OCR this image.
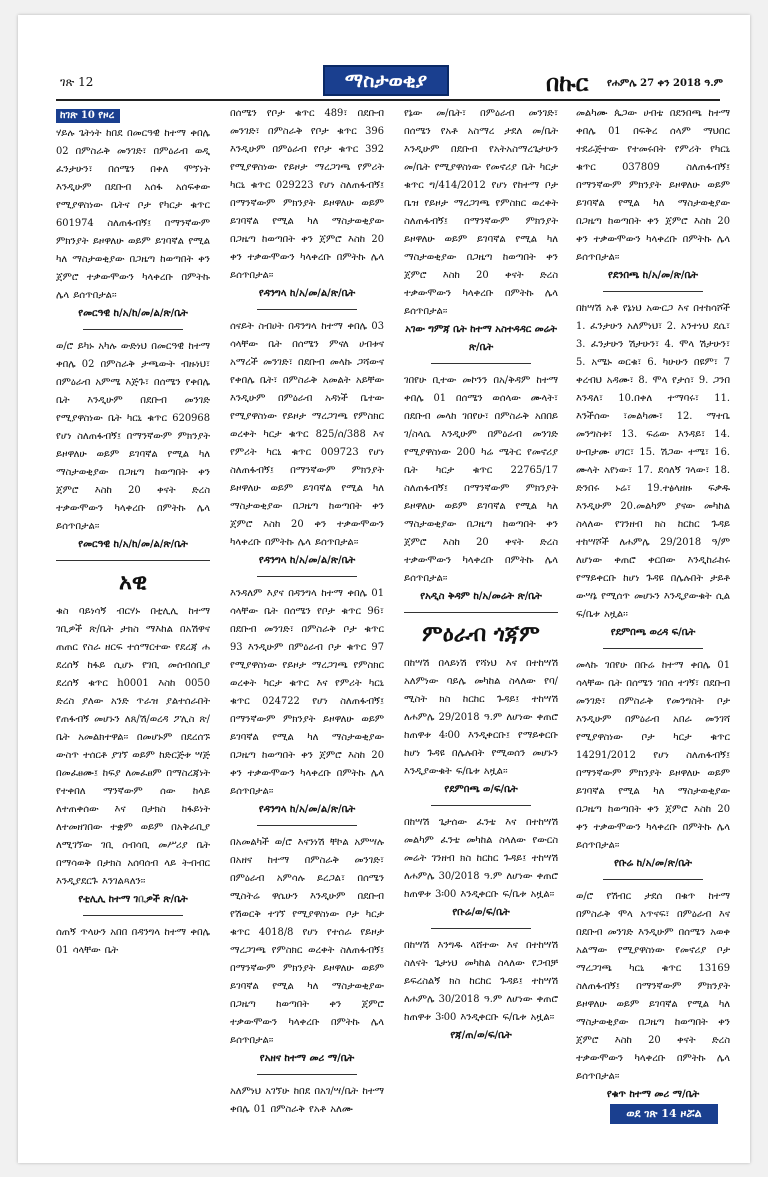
ገጽ 12	ማስታወቂያ	በኩር የሐምሌ 27 ቀን 2018 ዓ.ም
ከገጽ 10 የዞረ
ሃይሉ ጌትነት ከበደ በመርዓዊ ከተማ ቀበሌ 02 በምስራቅ መንገድ፣ በምዕራብ ወዲ ፈንታሁን፣ በሰሜን በቀለ ሞኘነት እንዲሁም በደቡብ አሰፋ አሰፍቀው የሚያዋስነው ቤትና ቦታ የካርታ ቁጥር 601974 ስለጠፋብኝ፤ በማንኛውም ምክንያት ይዞዋለሁ ወይም ይገባኛል የሚል ካለ ማስታወቂያው በጋዜጣ ከወጣበት ቀን ጀምሮ ተቃውሞውን ካላቀረቡ በምትኩ ሌላ ይሰጥበታል፡፡
የመርዓዊ ከ/አ/ከ/መ/ል/ጽ/ቤት
ወ/ሮ ይካኑ አካሉ ውድነህ በመርዓዊ ከተማ ቀበሌ 02 በምስራቅ ታጫውት ብዙነህ፣ በምዕራብ አምሜ እጅጉ፣ በሰሜን የቀበሌ ቤት እንዲሁም በደቡብ መንገድ የሚያዋስነው ቤት ካርኒ ቁጥር 620968 የሆነ ስለጠፋብኝ፤ በማንኛውም ምክንያት ይዞዋለሁ ወይም ይገባኛል የሚል ካለ ማስታወቂያው በጋዜጣ ከወጣበት ቀን ጀምሮ እስከ 20 ቀናት ድረስ ተቃውሞውን ካላቀረቡ በምትኩ ሌላ ይሰጥበታል፡፡
የመርዓዊ ከ/አ/ከ/መ/ል/ጽ/ቤት
አዊ
ቁስ ባይነሳኝ ብርሃኑ በቲሊሊ ከተማ ገቢዎች ጽ/ቤት ታክስ ማእከል በአሽዋና ጠጠር የስራ ዘርፍ ተሰማርተው የደረጃ ሐ ደረሰኝ ከፋይ ሲሆኑ የገቢ መሰብሰቢያ ደረሰኝ ቁጥር h0001 እስከ 0050 ድረስ ያለው አንድ ጥራዝ ያልተሰራበት የጠፋብኝ መሆኑን ለጸ/ሽ/ወረዳ ፖሊስ ጽ/ቤት አመልክተዋል፡፡ በመሆኑም በደረሰኙ ውስጥ ተሰርቶ ያገኘ ወይም ከድርጅቱ ሣጅ በመፈፀሙ፤ ከፍያ ለመፈፀም በማስረጃነት የተቀበለ ማንኛውም ሰው ከላይ ለተጠቀሰው እና በታክስ ከፋይነት ለተመዘገበው ተቋም ወይም በአቅራቢያ ለሚገኘው ገቢ ሰብሳቢ መሥሪያ ቤት በማሳወቅ በታክስ አሰባሰብ ላይ ትብብር እንዲያደርጉ እንገልጻለን፡፡
የቲሊሊ ከተማ ገቢዎች ጽ/ቤት
ሰጠኝ ጥላሁን አበበ በዳንግላ ከተማ ቀበሌ 01 ሳላቸው ቤት
በሰሜን የቦታ ቁጥር 489፣ በደቡብ መንገድ፣ በምስራቅ የቦታ ቁጥር 396 እንዲሁም በምዕራብ የቦታ ቁጥር 392 የሚያዋስነው የይዞታ ማረጋገጫ የምሪት ካርኒ ቁጥር 029223 የሆነ ስለጠፋብኝ፤ በማንኛውም ምክንያት ይዞዋለሁ ወይም ይገባኛል የሚል ካለ ማስታወቂያው በጋዜጣ ከወጣበት ቀን ጀምሮ እስከ 20 ቀን ተቃውሞውን ካላቀረቡ በምትኩ ሌላ ይሰጥበታል፡፡
የዳንግላ ከ/አ/መ/ል/ጽ/ቤት
ሰናይት ስብሀት በዳንግላ ከተማ ቀበሌ 03 ሳላቸው ቤት በሰሜን ምናለ ሀብቱና አማረች መንገድ፣ በደቡብ መላኩ ጋሻውና የቀበሌ ቤት፣ በምስራቅ አመልት አይቸው እንዲሁም በምዕራብ አዳነች ቤተው የሚያዋስነው የይዞታ ማረጋገጫ የምስክር ወረቀት ካርታ ቁጥር 825/ሰ/388 እና የምሪት ካርኒ ቁጥር 009723 የሆነ ስለጠፋብኝ፤ በማንኛውም ምክንያት ይዞዋለሁ ወይም ይገባኛል የሚል ካለ ማስታወቂያው በጋዜጣ ከወጣበት ቀን ጀምሮ እስከ 20 ቀን ተቃውሞውን ካላቀረቡ በምትኩ ሌላ ይሰጥበታል፡፡
የዳንግላ ከ/አ/መ/ል/ጽ/ቤት
እንዳለም እያና በዳንግላ ከተማ ቀበሌ 01 ሳላቸው ቤት በሰሜን የቦታ ቁጥር 96፣ በደቡብ መንገድ፣ በምስራቅ ቦታ ቁጥር 93 እንዲሁም በምዕራብ ቦታ ቁጥር 97 የሚያዋስነው የይዞታ ማረጋገጫ የምስክር ወረቀት ካርታ ቁጥር እና የምሪት ካርኒ ቁጥር 024722 የሆነ ስለጠፋብኝ፤ በማንኛውም ምክንያት ይዞዋለሁ ወይም ይገባኛል የሚል ካለ ማስታወቂያው በጋዜጣ ከወጣበት ቀን ጀምሮ እስከ 20 ቀን ተቃውሞውን ካላቀረቡ በምትኩ ሌላ ይሰጥበታል፡፡
የዳንግላ ከ/አ/መ/ል/ጽ/ቤት
በአመልካች ወ/ሮ እናንነሽ ቸኮል አምሣሉ በአዘና ከተማ በምስራቅ መንገድ፣ በምዕራብ አምሳሉ ይረጋል፣ በሰሜን ሚስትሬ ዋሴሁን እንዲሁም በደቡብ የሽወርቅ ተገኘ የሚያዋስነው ቦታ ካርታ ቁጥር 4018/8 የሆነ የተሰራ የይዞታ ማረጋገጫ የምስክር ወረቀት ስለጠፋብኝ፤ በማንኛውም ምክንያት ይዞዋለሁ ወይም ይገባኛል የሚል ካለ ማስታወቂያው በጋዜጣ ከወጣበት ቀን ጀምሮ ተቃውሞውን ካላቀረቡ በምትኩ ሌላ ይሰጥበታል፡፡
የአዘና ከተማ መሪ ማ/ቤት
አለምነህ አገኘሁ ከበደ በአገ/ሣ/ቤት ከተማ ቀበሌ 01 በምስራቅ የአቶ አለሙ
የኔው መ/ቤት፣ በምዕራብ መንገድ፣ በሰሜን የአቶ አስማረ ታደለ መ/ቤት እንዲሁም በደቡብ የአትአስማረጌታሁን መ/ቤት የሚያዋስነው የመኖሪያ ቤት ካርታ ቁጥር ግ/414/2012 የሆነ የከተማ ቦታ ቤዝ የይዞታ ማረጋገጫ የምስክር ወረቀት ስለጠፋብኝ፤ በማንኛውም ምክንያት ይዞዋለሁ ወይም ይገባኛል የሚል ካለ ማስታወቂያው በጋዜጣ ከወጣበት ቀን ጀምሮ እስከ 20 ቀናት ድረስ ተቃውሞውን ካላቀረቡ በምትኩ ሌላ ይሰጥበታል፡፡
አገው ግምጃ ቤት ከተማ አስተዳዳር መሬት ጽ/ቤት
ገበየሁ ቢተው መኮንን በአ/ቅዳም ከተማ ቀበሌ 01 በሰሜን ወሰላው ሙላት፣ በደቡብ መላከ ገበየሁ፣ በምስራቅ አበበይ ገ/ስላሴ እንዲሁም በምዕራብ መንገድ የሚያዋስነው 200 ካሬ ሜትር የመኖሪያ ቤት ካርታ ቁጥር 22765/17 ስለጠፋብኝ፤ በማንኛውም ምክንያት ይዞዋለሁ ወይም ይገባኛል የሚል ካለ ማስታወቂያው በጋዜጣ ከወጣበት ቀን ጀምሮ እስከ 20 ቀናት ድረስ ተቃውሞውን ካላቀረቡ በምትኩ ሌላ ይሰጥበታል፡፡
የአዲስ ቅዳም ከ/አ/መሬት ጽ/ቤት
ምዕራብ ጎጃም
በከሣሽ በላይነሽ የሻነህ እና በተከሣሽ አለምነው ባይሌ መካከል ስላለው የባ/ሚስት ክስ ከርከር ጉዳይ፤ ተከሣሽ ለሐምሌ 29/2018 ዓ.ም ለሆነው ቀጠሮ ከጠዋቱ 4፡00 እንዲቀርቡ፤ የማይቀርቡ ከሆነ ጉዳዩ በሌሉበት የሚወሰን መሆኑን እንዲያውቁት ፍ/ቤቱ አዟል፡፡
የደምበጫ ወ/ፍ/ቤት
በከሣሽ ጌታሰው ፈንቴ እና በተከሣሽ መልካም ፈንቴ መካከል ስላለው የውርስ መሬት ገንዘብ ክስ ከርከር ጉዳይ፤ ተከሣሽ ለሐምሌ 30/2018 ዓ.ም ለሆነው ቀጠሮ ከጠዋቱ 3፡00 እንዲቀርቡ ፍ/ቤቱ አዟል፡፡
የቡሬ/ወ/ፍ/ቤት
በከሣሽ እንግዱ ላሸተው እና በተከሣሽ ስለናት ጌታነህ መካከል ስላለው የጋብቻ ይፍረስልኝ ክስ ከርከር ጉዳይ፤ ተከሣሽ ለሐምሌ 30/2018 ዓ.ም ለሆነው ቀጠሮ ከጠዋቱ 3፡00 እንዲቀርቡ ፍ/ቤቱ አዟል፡፡
የጃ/ጠ/ወ/ፍ/ቤት
መልካሙ ጴጋው ሀብቴ በደንበጫ ከተማ ቀበሌ 01 በፍቅረ ሰላም ማህበር ተደራጅተው የተመሩበት የምሪት የካርኒ ቁጥር 037809 ስለጠፋብኝ፤ በማንኛውም ምክንያት ይዞዋለሁ ወይም ይገባኛል የሚል ካለ ማስታወቂያው በጋዜጣ ከወጣበት ቀን ጀምሮ እስከ 20 ቀን ተቃውሞውን ካላቀረቡ በምትኩ ሌላ ይሰጥበታል፡፡
የደንበጫ ከ/አ/መ/ጽ/ቤት
በከሣሽ አቶ የኔነህ አውርጋ እና በተከሳሾች 1. ፈንታሁን አለምነህ፣ 2. አንተነህ ደሴ፣ 3. ፈንታሁን ሽታሁን፣ 4. ሞላ ሽታሁን፣ 5. አሜኑ ወርቁ፣ 6. ካሁሁን በዩም፣ 7 ቀረብህ አዳሙ፣ 8. ሞላ የታሰ፣ 9. ጋንበ እንዳለ፣ 10.በቀለ ተማባሩ፣ 11. እንችሰው ፣መልካሙ፣ 12. ማተቤ መንግስቱ፣ 13. ፍሬው እንዳይ፣ 14. ሁብታሙ ሀገር፣ 15. ሽጋው ተሜ፣ 16. ሙላት አየነው፣ 17. ደሳለኝ ገላው፣ 18. ድንበሩ ኑሬ፣ 19.ተፅላዘዙ ፍቃዱ እንዲሁም 20.መልካም ያናው መካከል ስላለው የገንዘብ ክስ ከርከር ጉዳይ ተከሣሾች ለሐምሌ 29/2018 ዓ/ም ለሆነው ቀጠሮ ቀርበው እንዲከራከሩ የማይቀርቡ ከሆነ ጉዳዩ በሌሉበት ታይቶ ውሣኔ የሚሰጥ መሆኑን እንዲያውቁት ሲል ፍ/ቤቱ አዟል፡፡
የደምበጫ ወረዳ ፍ/ቤት
መላኩ ገበየሁ በቡሬ ከተማ ቀበሌ 01 ሳላቸው ቤት በሰሜን ገበሰ ተገኝ፣ በደቡብ መንገድ፣ በምስራቅ የመንግስት ቦታ እንዲሁም በምዕራብ አበራ መንገሻ የሚያዋስነው ቦታ ካርታ ቁጥር 14291/2012 የሆነ ስለጠፋብኝ፤ በማንኛውም ምክንያት ይዞዋለሁ ወይም ይገባኛል የሚል ካለ ማስታወቂያው በጋዜጣ ከወጣበት ቀን ጀምሮ እስከ 20 ቀን ተቃውሞውን ካላቀረቡ በምትኩ ሌላ ይሰጥበታል፡፡
የቡሬ ከ/አ/መ/ጽ/ቤት
ወ/ሮ የሽብር ታደሰ በቁጥ ከተማ በምስራቅ ሞላ አጥናፍ፣ በምዕራብ እና በደቡብ መንገድ እንዲሁም በሰሜን አወቀ አልማው የሚያዋስነው የመኖሪያ ቦታ ማረጋገጫ ካርኒ ቁጥር 13169 ስለጠፋብኝ፤ በማንኛውም ምክንያት ይዞዋለሁ ወይም ይገባኛል የሚል ካለ ማስታወቂያው በጋዜጣ ከወጣበት ቀን ጀምሮ እስከ 20 ቀናት ድረስ ተቃውሞውን ካላቀረቡ በምትኩ ሌላ ይሰጥበታል፡፡
የቁጥ ከተማ መሪ ማ/ቤት
ወደ ገጽ 14 ዞሯል
